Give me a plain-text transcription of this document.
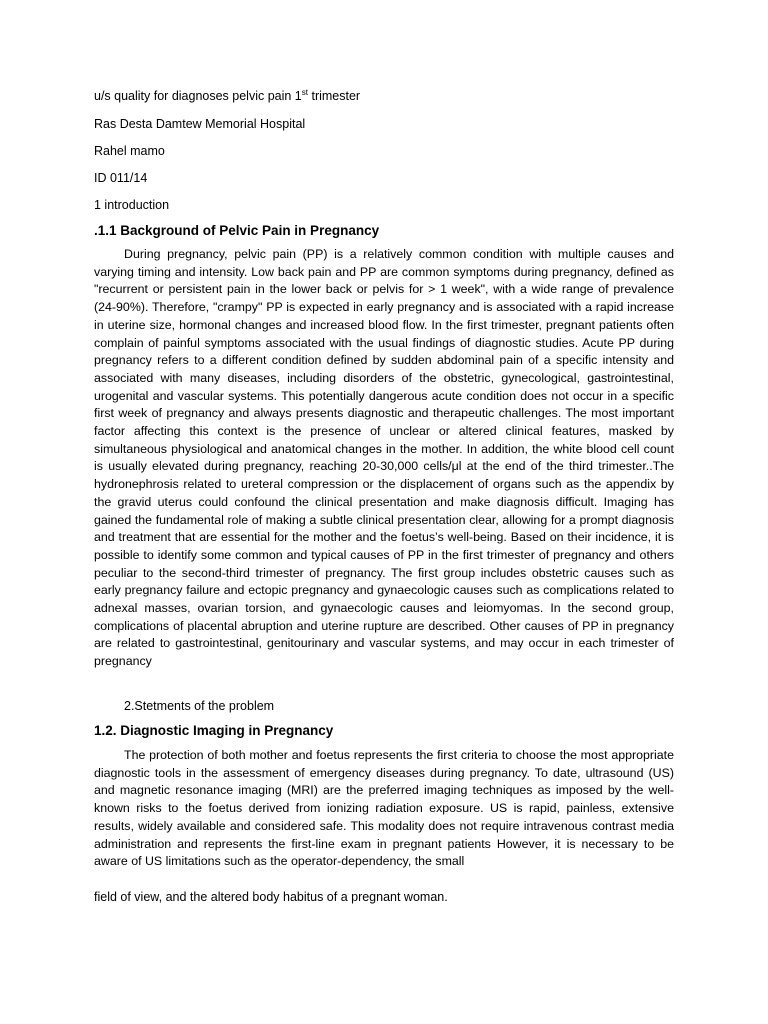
u/s quality for diagnoses pelvic pain 1st trimester
Ras Desta Damtew Memorial Hospital
Rahel mamo
ID 011/14
1 introduction
.1.1 Background of Pelvic Pain in Pregnancy

During pregnancy, pelvic pain (PP) is a relatively common condition with multiple causes and varying timing and intensity. Low back pain and PP are common symptoms during pregnancy, defined as "recurrent or persistent pain in the lower back or pelvis for > 1 week", with a wide range of prevalence (24-90%). Therefore, "crampy" PP is expected in early pregnancy and is associated with a rapid increase in uterine size, hormonal changes and increased blood flow. In the first trimester, pregnant patients often complain of painful symptoms associated with the usual findings of diagnostic studies. Acute PP during pregnancy refers to a different condition defined by sudden abdominal pain of a specific intensity and associated with many diseases, including disorders of the obstetric, gynecological, gastrointestinal, urogenital and vascular systems. This potentially dangerous acute condition does not occur in a specific first week of pregnancy and always presents diagnostic and therapeutic challenges. The most important factor affecting this context is the presence of unclear or altered clinical features, masked by simultaneous physiological and anatomical changes in the mother. In addition, the white blood cell count is usually elevated during pregnancy, reaching 20-30,000 cells/μl at the end of the third trimester..The hydronephrosis related to ureteral compression or the displacement of organs such as the appendix by the gravid uterus could confound the clinical presentation and make diagnosis difficult. Imaging has gained the fundamental role of making a subtle clinical presentation clear, allowing for a prompt diagnosis and treatment that are essential for the mother and the foetus’s well-being. Based on their incidence, it is possible to identify some common and typical causes of PP in the first trimester of pregnancy and others peculiar to the second-third trimester of pregnancy. The first group includes obstetric causes such as early pregnancy failure and ectopic pregnancy and gynaecologic causes such as complications related to adnexal masses, ovarian torsion, and gynaecologic causes and leiomyomas. In the second group, complications of placental abruption and uterine rupture are described. Other causes of PP in pregnancy are related to gastrointestinal, genitourinary and vascular systems, and may occur in each trimester of pregnancy

2.Stetments of the problem
1.2. Diagnostic Imaging in Pregnancy

The protection of both mother and foetus represents the first criteria to choose the most appropriate diagnostic tools in the assessment of emergency diseases during pregnancy. To date, ultrasound (US) and magnetic resonance imaging (MRI) are the preferred imaging techniques as imposed by the well-known risks to the foetus derived from ionizing radiation exposure. US is rapid, painless, extensive results, widely available and considered safe. This modality does not require intravenous contrast media administration and represents the first-line exam in pregnant patients However, it is necessary to be aware of US limitations such as the operator-dependency, the small

field of view, and the altered body habitus of a pregnant woman.
